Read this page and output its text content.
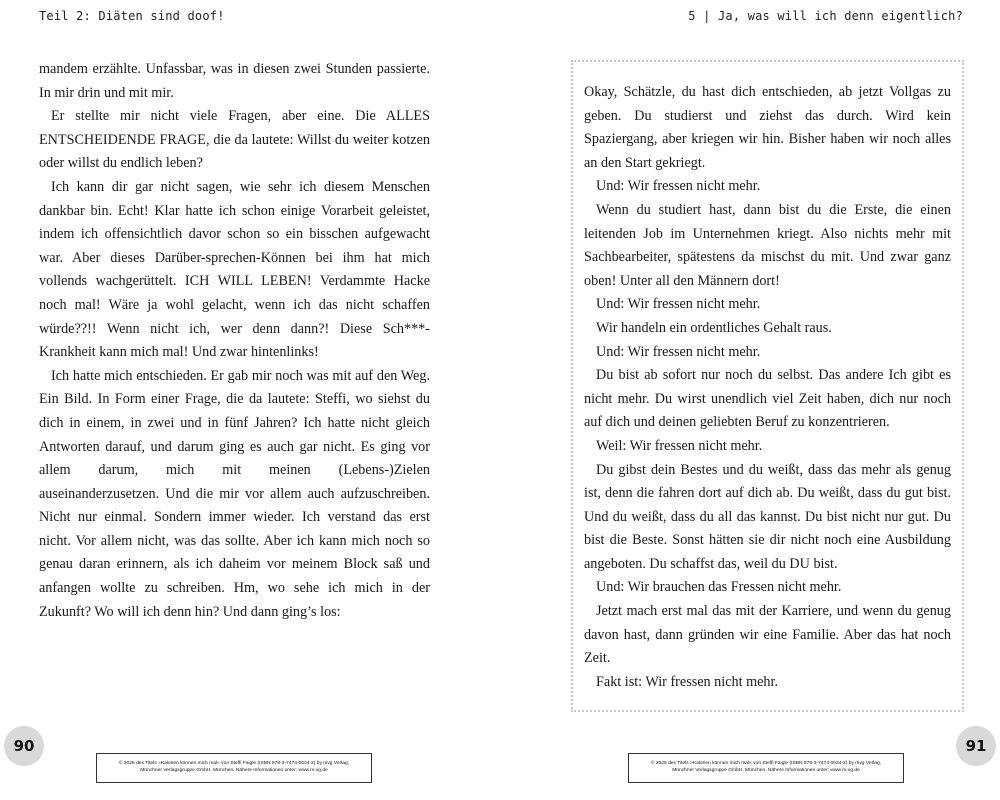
Teil 2: Diäten sind doof!

mandem erzählte. Unfassbar, was in diesen zwei Stunden passierte. In mir drin und mit mir.

Er stellte mir nicht viele Fragen, aber eine. Die ALLES ENTSCHEIDENDE FRAGE, die da lautete: Willst du weiter kotzen oder willst du endlich leben?

Ich kann dir gar nicht sagen, wie sehr ich diesem Menschen dankbar bin. Echt! Klar hatte ich schon einige Vorarbeit geleistet, indem ich offensichtlich davor schon so ein bisschen aufgewacht war. Aber dieses Darüber-sprechen-Können bei ihm hat mich vollends wachgerüttelt. ICH WILL LEBEN! Verdammte Hacke noch mal! Wäre ja wohl gelacht, wenn ich das nicht schaffen würde??!! Wenn nicht ich, wer denn dann?! Diese Sch***-Krankheit kann mich mal! Und zwar hintenlinks!

Ich hatte mich entschieden. Er gab mir noch was mit auf den Weg. Ein Bild. In Form einer Frage, die da lautete: Steffi, wo siehst du dich in einem, in zwei und in fünf Jahren? Ich hatte nicht gleich Antworten darauf, und darum ging es auch gar nicht. Es ging vor allem darum, mich mit meinen (Lebens-)Zielen auseinanderzusetzen. Und die mir vor allem auch aufzuschreiben. Nicht nur einmal. Sondern immer wieder. Ich verstand das erst nicht. Vor allem nicht, was das sollte. Aber ich kann mich noch so genau daran erinnern, als ich daheim vor meinem Block saß und anfangen wollte zu schreiben. Hm, wo sehe ich mich in der Zukunft? Wo will ich denn hin? Und dann ging’s los:

90
© 2025 des Titels »Kalorien können mich mal« von Steffi Faigle (ISBN 978-3-7474-0634-2) by mvg Verlag,
Münchner Verlagsgruppe GmbH, München. Nähere Informationen unter: www.m-vg.de
5 | Ja, was will ich denn eigentlich?

Okay, Schätzle, du hast dich entschieden, ab jetzt Vollgas zu geben. Du studierst und ziehst das durch. Wird kein Spaziergang, aber kriegen wir hin. Bisher haben wir noch alles an den Start gekriegt.

Und: Wir fressen nicht mehr.

Wenn du studiert hast, dann bist du die Erste, die einen leitenden Job im Unternehmen kriegt. Also nichts mehr mit Sachbearbeiter, spätestens da mischst du mit. Und zwar ganz oben! Unter all den Männern dort!

Und: Wir fressen nicht mehr.

Wir handeln ein ordentliches Gehalt raus.

Und: Wir fressen nicht mehr.

Du bist ab sofort nur noch du selbst. Das andere Ich gibt es nicht mehr. Du wirst unendlich viel Zeit haben, dich nur noch auf dich und deinen geliebten Beruf zu konzentrieren.

Weil: Wir fressen nicht mehr.

Du gibst dein Bestes und du weißt, dass das mehr als genug ist, denn die fahren dort auf dich ab. Du weißt, dass du gut bist. Und du weißt, dass du all das kannst. Du bist nicht nur gut. Du bist die Beste. Sonst hätten sie dir nicht noch eine Ausbildung angeboten. Du schaffst das, weil du DU bist.

Und: Wir brauchen das Fressen nicht mehr.

Jetzt mach erst mal das mit der Karriere, und wenn du genug davon hast, dann gründen wir eine Familie. Aber das hat noch Zeit.

Fakt ist: Wir fressen nicht mehr.

91
© 2025 des Titels »Kalorien können mich mal« von Steffi Faigle (ISBN 978-3-7474-0634-2) by mvg Verlag,
Münchner Verlagsgruppe GmbH, München. Nähere Informationen unter: www.m-vg.de
